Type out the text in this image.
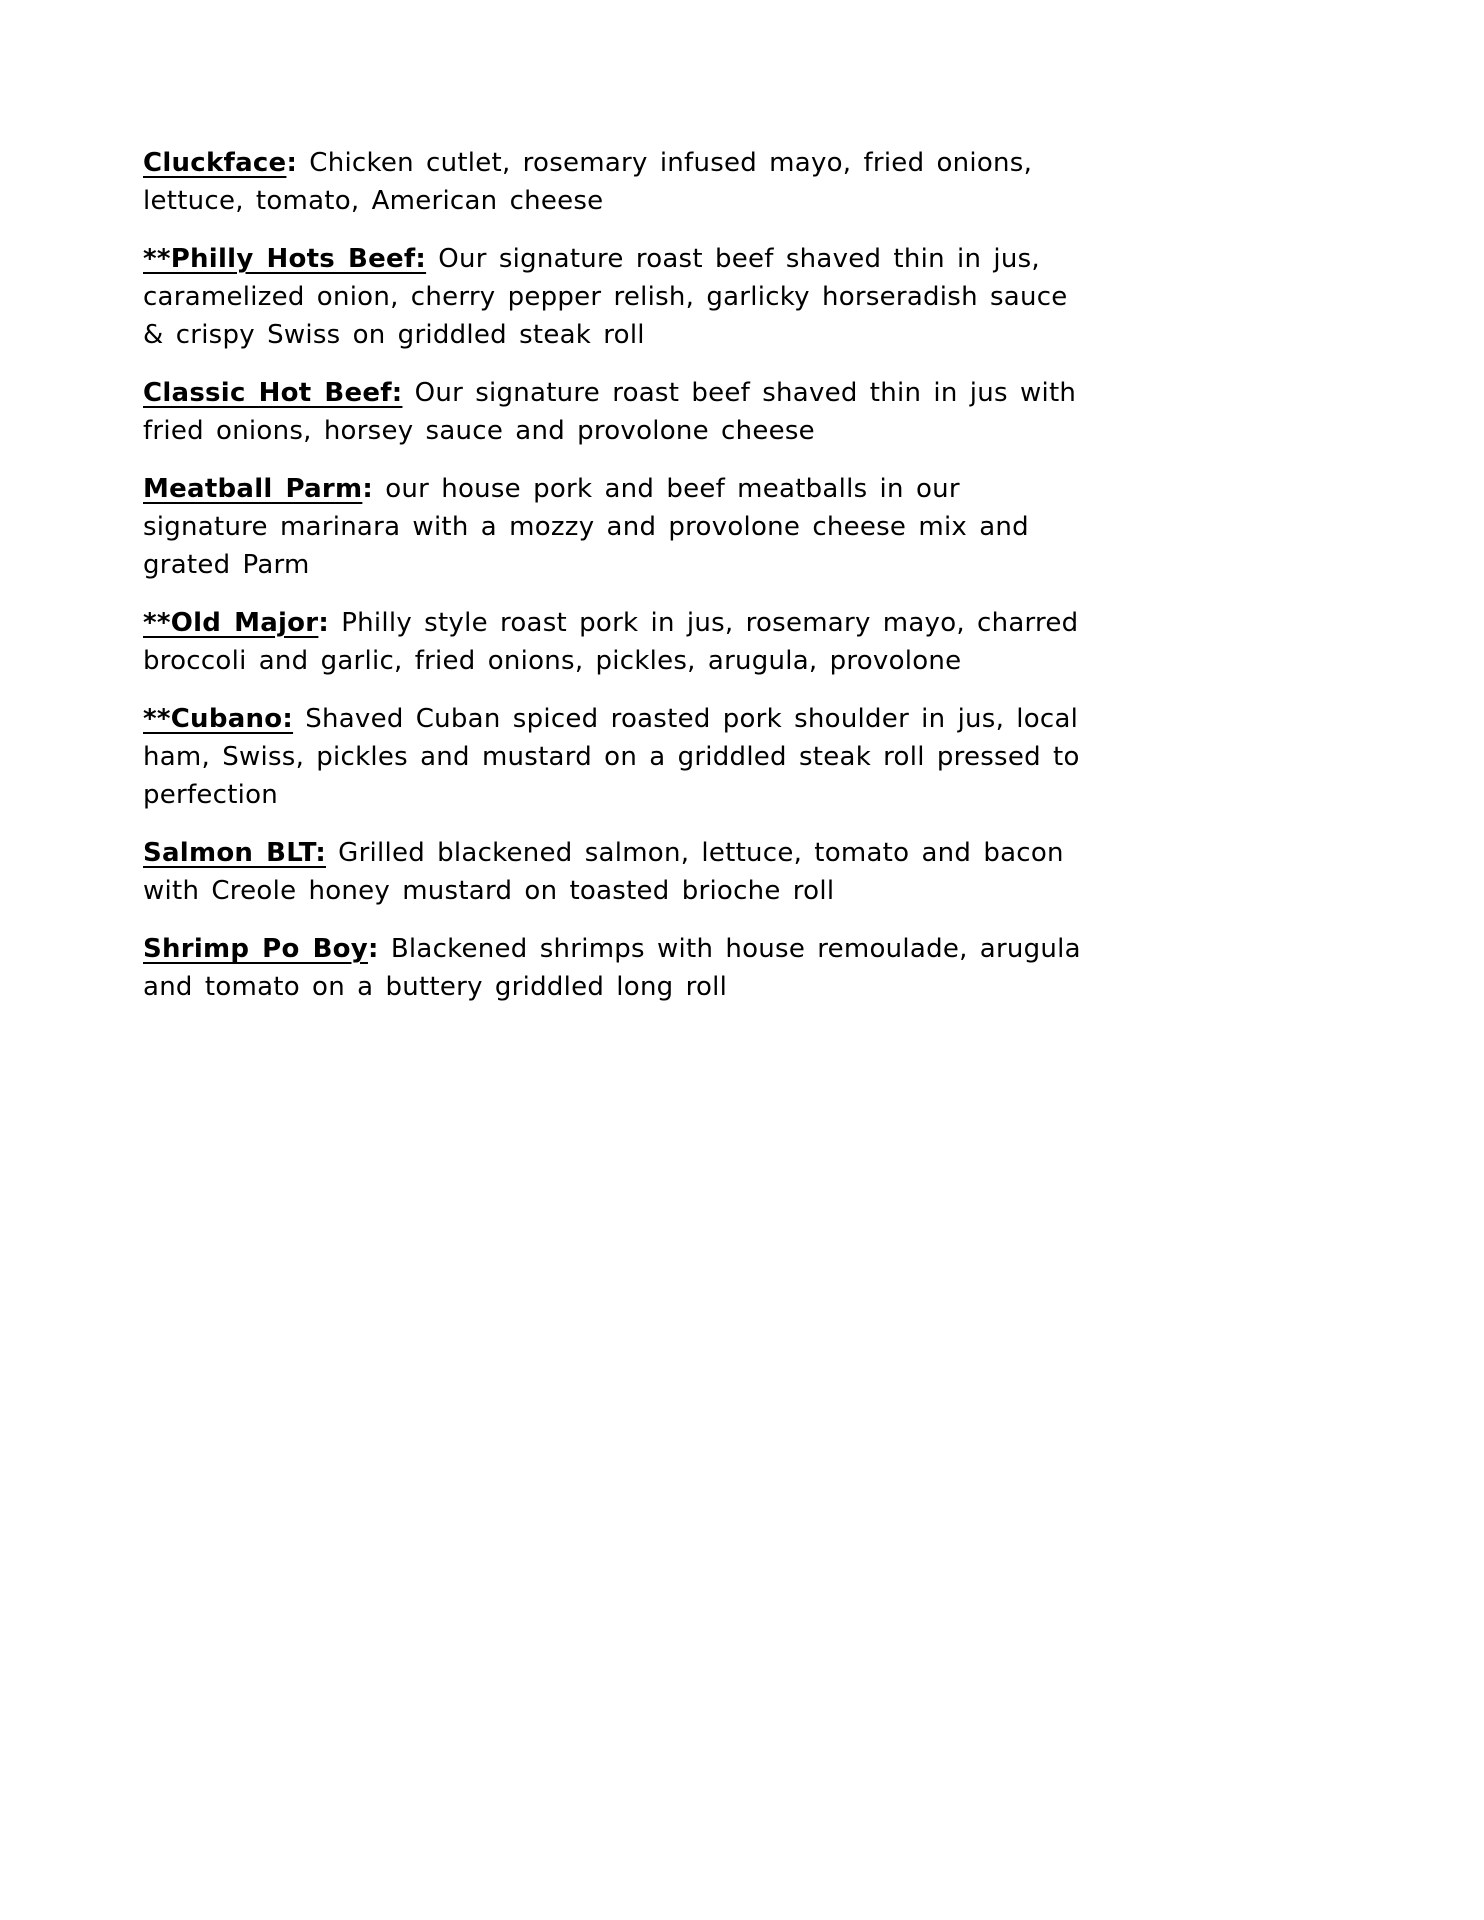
Cluckface: Chicken cutlet, rosemary infused mayo, fried onions, lettuce, tomato, American cheese

**Philly Hots Beef: Our signature roast beef shaved thin in jus, caramelized onion, cherry pepper relish, garlicky horseradish sauce & crispy Swiss on griddled steak roll

Classic Hot Beef: Our signature roast beef shaved thin in jus with fried onions, horsey sauce and provolone cheese

Meatball Parm: our house pork and beef meatballs in our signature marinara with a mozzy and provolone cheese mix and grated Parm

**Old Major: Philly style roast pork in jus, rosemary mayo, charred broccoli and garlic, fried onions, pickles, arugula, provolone

**Cubano: Shaved Cuban spiced roasted pork shoulder in jus, local ham, Swiss, pickles and mustard on a griddled steak roll pressed to perfection

Salmon BLT: Grilled blackened salmon, lettuce, tomato and bacon with Creole honey mustard on toasted brioche roll

Shrimp Po Boy: Blackened shrimps with house remoulade, arugula and tomato on a buttery griddled long roll
